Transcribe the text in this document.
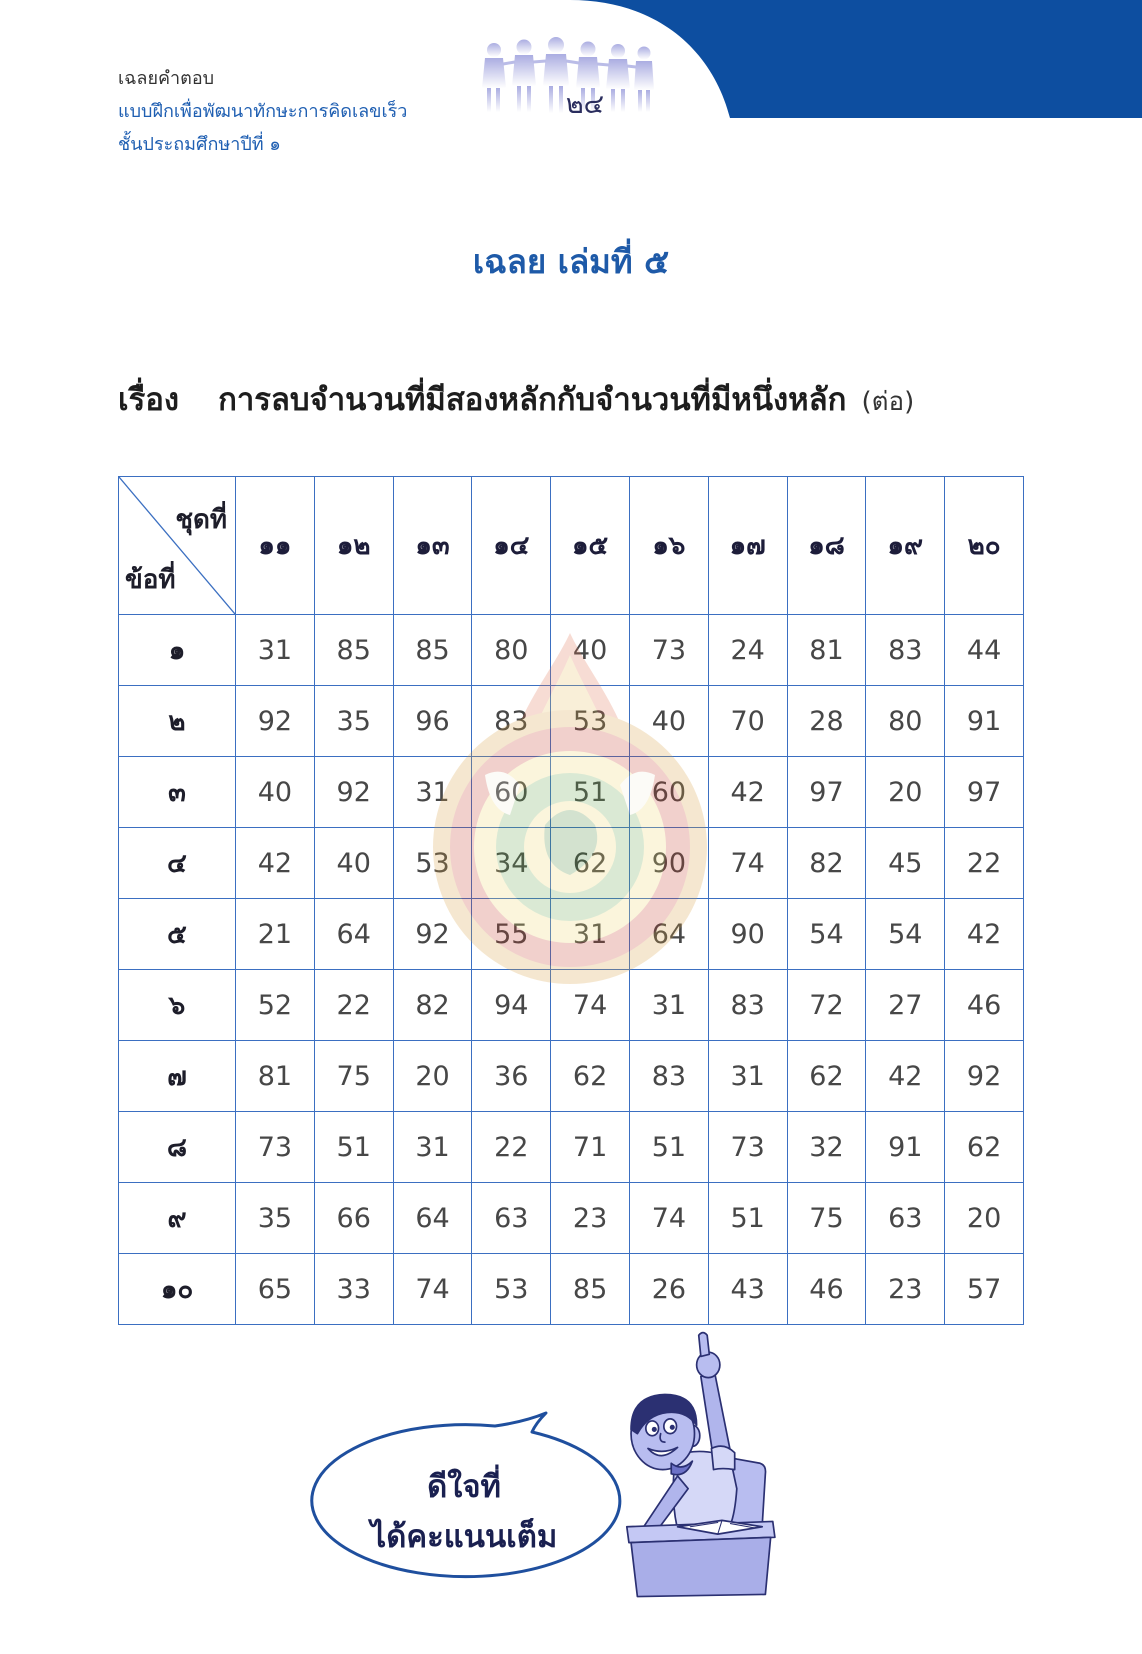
๒๔
เฉลยคำตอบ
แบบฝึกเพื่อพัฒนาทักษะการคิดเลขเร็ว
ชั้นประถมศึกษาปีที่ ๑
เฉลย เล่มที่ ๕
เรื่อง การลบจำนวนที่มีสองหลักกับจำนวนที่มีหนึ่งหลัก (ต่อ)
ชุดที่
ข้อที่	๑๑	๑๒	๑๓	๑๔	๑๕	๑๖	๑๗	๑๘	๑๙	๒๐
๑	31	85	85	80	40	73	24	81	83	44
๒	92	35	96	83	53	40	70	28	80	91
๓	40	92	31	60	51	60	42	97	20	97
๔	42	40	53	34	62	90	74	82	45	22
๕	21	64	92	55	31	64	90	54	54	42
๖	52	22	82	94	74	31	83	72	27	46
๗	81	75	20	36	62	83	31	62	42	92
๘	73	51	31	22	71	51	73	32	91	62
๙	35	66	64	63	23	74	51	75	63	20
๑๐	65	33	74	53	85	26	43	46	23	57
ดีใจที่
ได้คะแนนเต็ม
